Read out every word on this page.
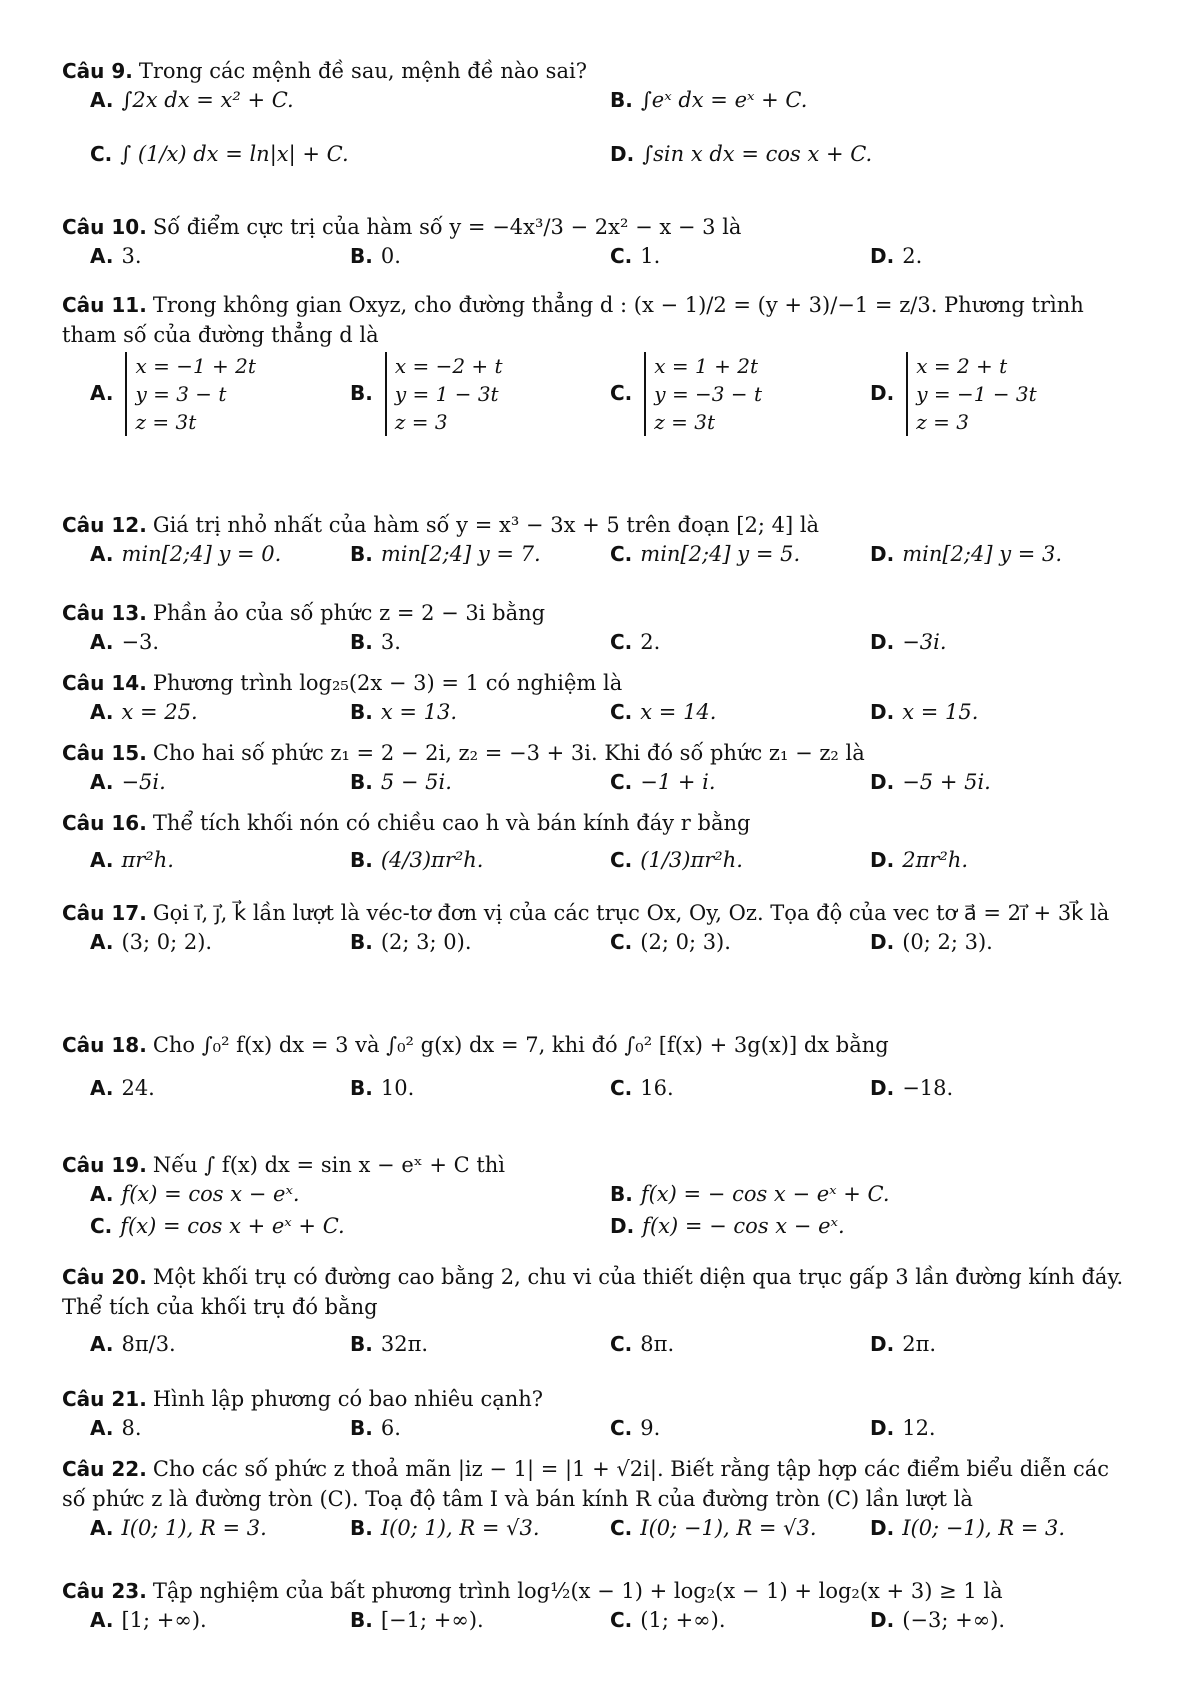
Câu 9. Trong các mệnh đề sau, mệnh đề nào sai?
A. ∫2x dx = x² + C.	B. ∫eˣ dx = eˣ + C.
C. ∫ (1/x) dx = ln|x| + C.	D. ∫sin x dx = cos x + C.
Câu 10. Số điểm cực trị của hàm số y = −4x³/3 − 2x² − x − 3 là
A. 3.	B. 0.	C. 1.	D. 2.
Câu 11. Trong không gian Oxyz, cho đường thẳng d : (x − 1)/2 = (y + 3)/−1 = z/3. Phương trình tham số của đường thẳng d là
A.x = −1 + 2t
y = 3 − t
z = 3t
B.x = −2 + t
y = 1 − 3t
z = 3
C.x = 1 + 2t
y = −3 − t
z = 3t
D.x = 2 + t
y = −1 − 3t
z = 3
Câu 12. Giá trị nhỏ nhất của hàm số y = x³ − 3x + 5 trên đoạn [2; 4] là
A. min[2;4] y = 0.	B. min[2;4] y = 7.	C. min[2;4] y = 5.	D. min[2;4] y = 3.
Câu 13. Phần ảo của số phức z = 2 − 3i bằng
A. −3.	B. 3.	C. 2.	D. −3i.
Câu 14. Phương trình log₂₅(2x − 3) = 1 có nghiệm là
A. x = 25.	B. x = 13.	C. x = 14.	D. x = 15.
Câu 15. Cho hai số phức z₁ = 2 − 2i, z₂ = −3 + 3i. Khi đó số phức z₁ − z₂ là
A. −5i.	B. 5 − 5i.	C. −1 + i.	D. −5 + 5i.
Câu 16. Thể tích khối nón có chiều cao h và bán kính đáy r bằng
A. πr²h.	B. (4/3)πr²h.	C. (1/3)πr²h.	D. 2πr²h.
Câu 17. Gọi i⃗, j⃗, k⃗ lần lượt là véc-tơ đơn vị của các trục Ox, Oy, Oz. Tọa độ của vec tơ a⃗ = 2i⃗ + 3k⃗ là
A. (3; 0; 2).	B. (2; 3; 0).	C. (2; 0; 3).	D. (0; 2; 3).
Câu 18. Cho ∫₀² f(x) dx = 3 và ∫₀² g(x) dx = 7, khi đó ∫₀² [f(x) + 3g(x)] dx bằng
A. 24.	B. 10.	C. 16.	D. −18.
Câu 19. Nếu ∫ f(x) dx = sin x − eˣ + C thì
A. f(x) = cos x − eˣ.	B. f(x) = − cos x − eˣ + C.
C. f(x) = cos x + eˣ + C.	D. f(x) = − cos x − eˣ.
Câu 20. Một khối trụ có đường cao bằng 2, chu vi của thiết diện qua trục gấp 3 lần đường kính đáy. Thể tích của khối trụ đó bằng
A. 8π/3.	B. 32π.	C. 8π.	D. 2π.
Câu 21. Hình lập phương có bao nhiêu cạnh?
A. 8.	B. 6.	C. 9.	D. 12.
Câu 22. Cho các số phức z thoả mãn |iz − 1| = |1 + √2i|. Biết rằng tập hợp các điểm biểu diễn các số phức z là đường tròn (C). Toạ độ tâm I và bán kính R của đường tròn (C) lần lượt là
A. I(0; 1), R = 3.	B. I(0; 1), R = √3.	C. I(0; −1), R = √3.	D. I(0; −1), R = 3.
Câu 23. Tập nghiệm của bất phương trình log½(x − 1) + log₂(x − 1) + log₂(x + 3) ≥ 1 là
A. [1; +∞).	B. [−1; +∞).	C. (1; +∞).	D. (−3; +∞).
